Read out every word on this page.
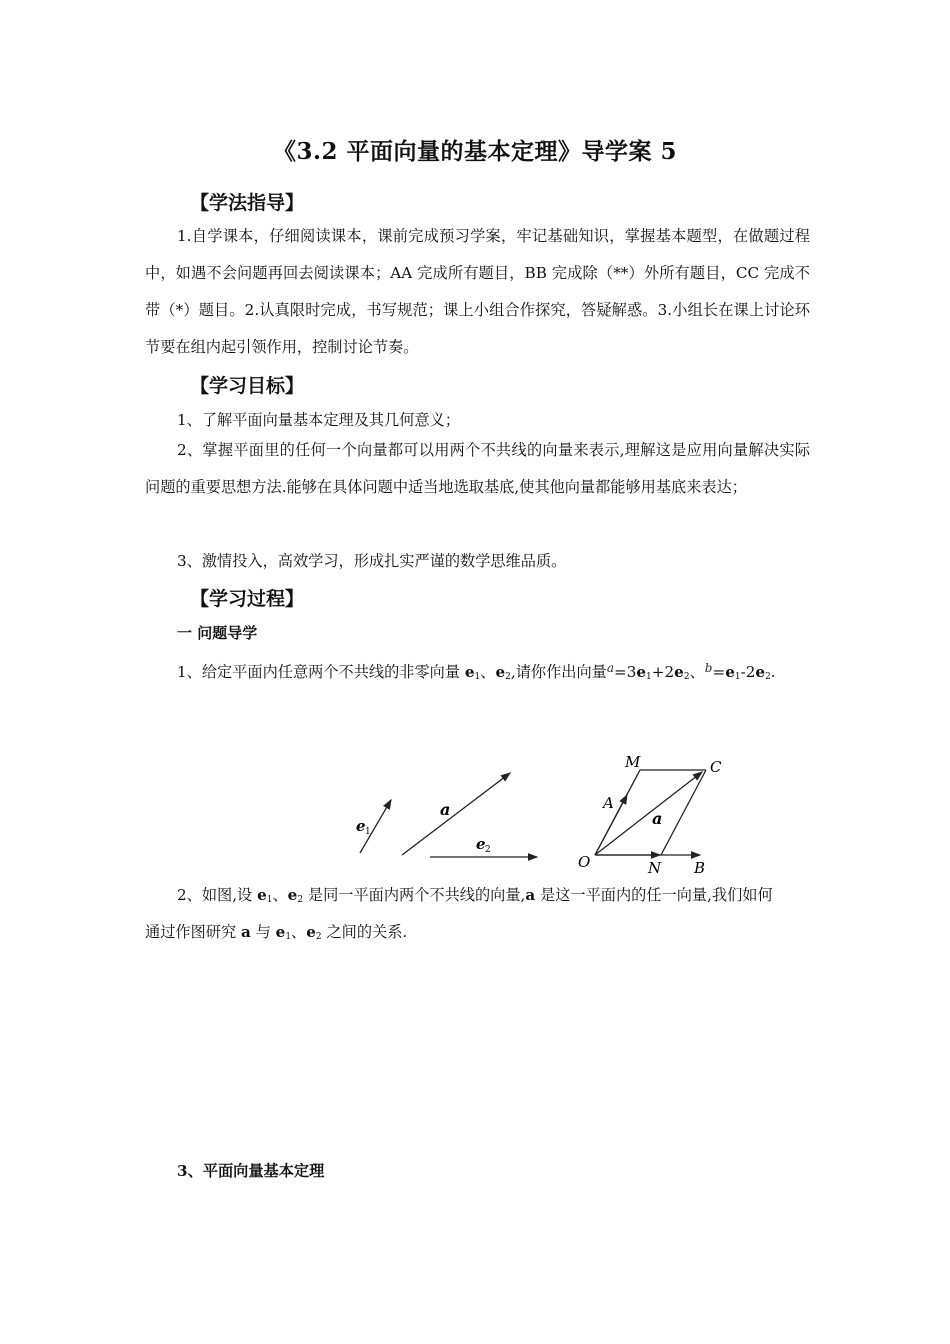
《3.2 平面向量的基本定理》导学案 5
【学法指导】

1.自学课本，仔细阅读课本，课前完成预习学案，牢记基础知识，掌握基本题型，在做题过程中，如遇不会问题再回去阅读课本；AA 完成所有题目，BB 完成除（**）外所有题目，CC 完成不带（*）题目。2.认真限时完成，书写规范；课上小组合作探究，答疑解惑。3.小组长在课上讨论环节要在组内起引领作用，控制讨论节奏。

【学习目标】
1、了解平面向量基本定理及其几何意义；

2、掌握平面里的任何一个向量都可以用两个不共线的向量来表示,理解这是应用向量解决实际问题的重要思想方法.能够在具体问题中适当地选取基底,使其他向量都能够用基底来表达；

3、激情投入，高效学习，形成扎实严谨的数学思维品质。
【学习过程】
一 问题导学
1、给定平面内任意两个不共线的非零向量 $e_1$、$e_2$,请你作出向量$^a=3e_1+2e_2$、$^b=e_1-2e_2$.
e 1
a
e 2
M	C
A
a
O	N B
2、如图,设 $e_1$、$e_2$ 是同一平面内两个不共线的向量,a 是这一平面内的任一向量,我们如何
通过作图研究 a 与 $e_1$、$e_2$ 之间的关系.
3、平面向量基本定理
